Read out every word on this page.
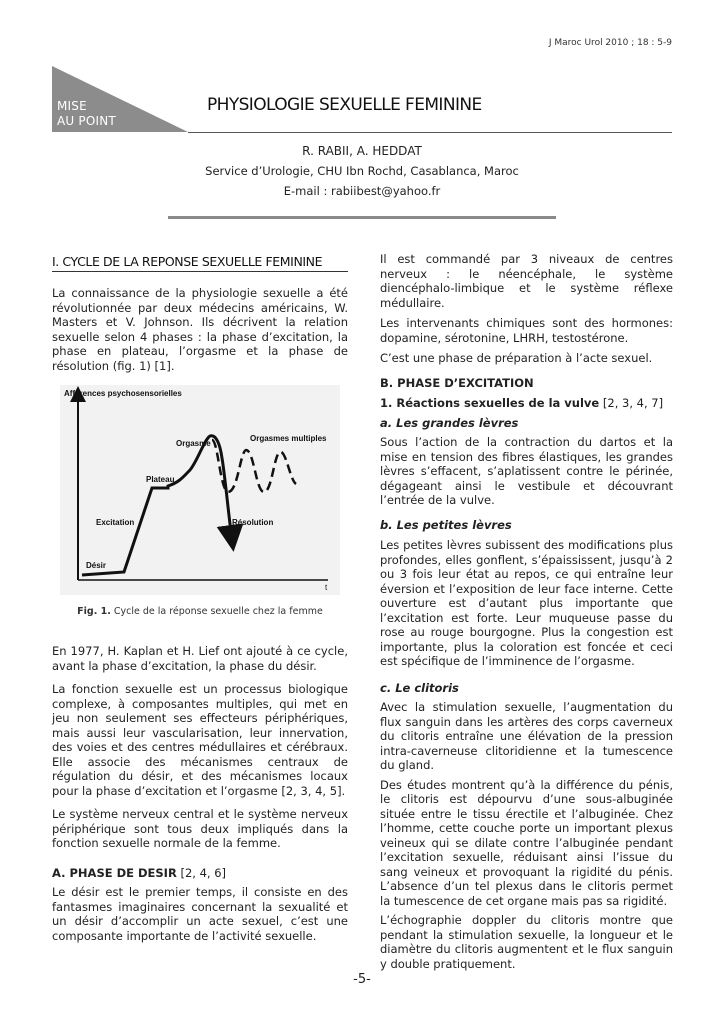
J Maroc Urol 2010 ; 18 : 5-9
MISE
AU POINT
PHYSIOLOGIE SEXUELLE FEMININE
R. RABII, A. HEDDAT
Service d’Urologie, CHU Ibn Rochd, Casablanca, Maroc
E-mail : rabiibest@yahoo.fr
I. CYCLE DE LA REPONSE SEXUELLE FEMININE

La connaissance de la physiologie sexuelle a été révolutionnée par deux médecins américains, W. Masters et V. Johnson. Ils décrivent la relation sexuelle selon 4 phases : la phase d’excitation, la phase en plateau, l’orgasme et la phase de résolution (fig. 1) [1].

Afférences psychosensorielles
Orgasme
Orgasmes multiples
Plateau
Excitation	Résolution
Désir
t
Fig. 1. Cycle de la réponse sexuelle chez la femme

En 1977, H. Kaplan et H. Lief ont ajouté à ce cycle, avant la phase d’excitation, la phase du désir.

La fonction sexuelle est un processus biologique complexe, à composantes multiples, qui met en jeu non seulement ses effecteurs périphériques, mais aussi leur vascularisation, leur innervation, des voies et des centres médullaires et cérébraux. Elle associe des mécanismes centraux de régulation du désir, et des mécanismes locaux pour la phase d’excitation et l’orgasme [2, 3, 4, 5].

Le système nerveux central et le système nerveux périphérique sont tous deux impliqués dans la fonction sexuelle normale de la femme.

A. PHASE DE DESIR [2, 4, 6]

Le désir est le premier temps, il consiste en des fantasmes imaginaires concernant la sexualité et un désir d’accomplir un acte sexuel, c’est une composante importante de l’activité sexuelle.

Il est commandé par 3 niveaux de centres nerveux : le néencéphale, le système diencéphalo-limbique et le système réflexe médullaire.

Les intervenants chimiques sont des hormones: dopamine, sérotonine, LHRH, testostérone.

C’est une phase de préparation à l’acte sexuel.

B. PHASE D’EXCITATION
1. Réactions sexuelles de la vulve [2, 3, 4, 7]
a. Les grandes lèvres

Sous l’action de la contraction du dartos et la mise en tension des fibres élastiques, les grandes lèvres s’effacent, s’aplatissent contre le périnée, dégageant ainsi le vestibule et découvrant l’entrée de la vulve.

b. Les petites lèvres

Les petites lèvres subissent des modifications plus profondes, elles gonflent, s’épaississent, jusqu’à 2 ou 3 fois leur état au repos, ce qui entraîne leur éversion et l’exposition de leur face interne. Cette ouverture est d’autant plus importante que l’excitation est forte. Leur muqueuse passe du rose au rouge bourgogne. Plus la congestion est importante, plus la coloration est foncée et ceci est spécifique de l’imminence de l’orgasme.

c. Le clitoris

Avec la stimulation sexuelle, l’augmentation du flux sanguin dans les artères des corps caverneux du clitoris entraîne une élévation de la pression intra-caverneuse clitoridienne et la tumescence du gland.

Des études montrent qu’à la différence du pénis, le clitoris est dépourvu d’une sous-albuginée située entre le tissu érectile et l’albuginée. Chez l’homme, cette couche porte un important plexus veineux qui se dilate contre l’albuginée pendant l’excitation sexuelle, réduisant ainsi l’issue du sang veineux et provoquant la rigidité du pénis. L’absence d’un tel plexus dans le clitoris permet la tumescence de cet organe mais pas sa rigidité.

L’échographie doppler du clitoris montre que pendant la stimulation sexuelle, la longueur et le diamètre du clitoris augmentent et le flux sanguin y double pratiquement.

-5-
